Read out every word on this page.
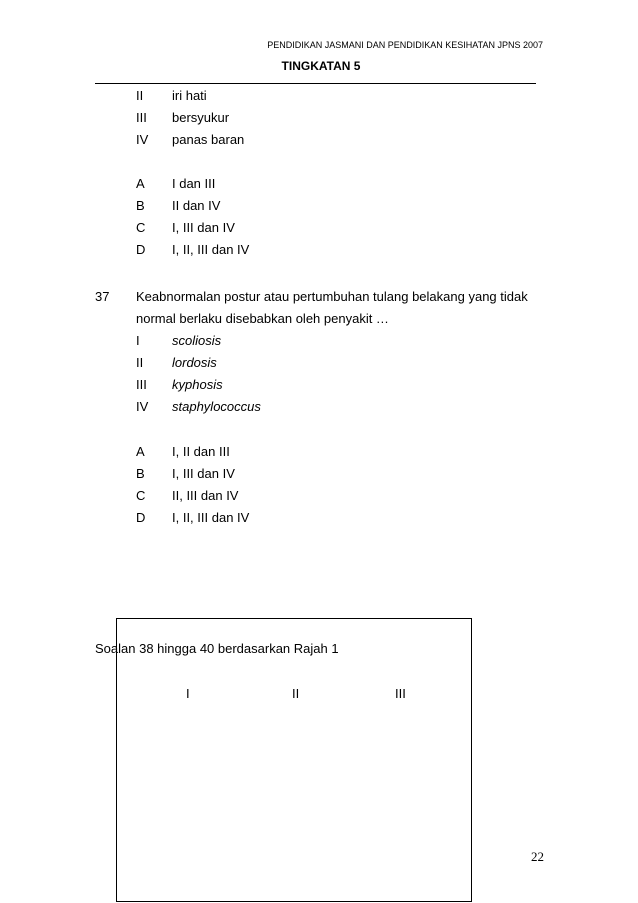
PENDIDIKAN JASMANI DAN PENDIDIKAN KESIHATAN JPNS 2007
TINGKATAN 5
II iri hati
III bersyukur
IV panas baran
A I dan III
B II dan IV
C I, III dan IV
D I, II, III dan IV
37 Keabnormalan postur atau pertumbuhan tulang belakang yang tidak
normal berlaku disebabkan oleh penyakit …
I scoliosis
II lordosis
III kyphosis
IV staphylococcus
A I, II dan III
B I, III dan IV
C II, III dan IV
D I, II, III dan IV
Soalan 38 hingga 40 berdasarkan Rajah 1
I	II	III
22
